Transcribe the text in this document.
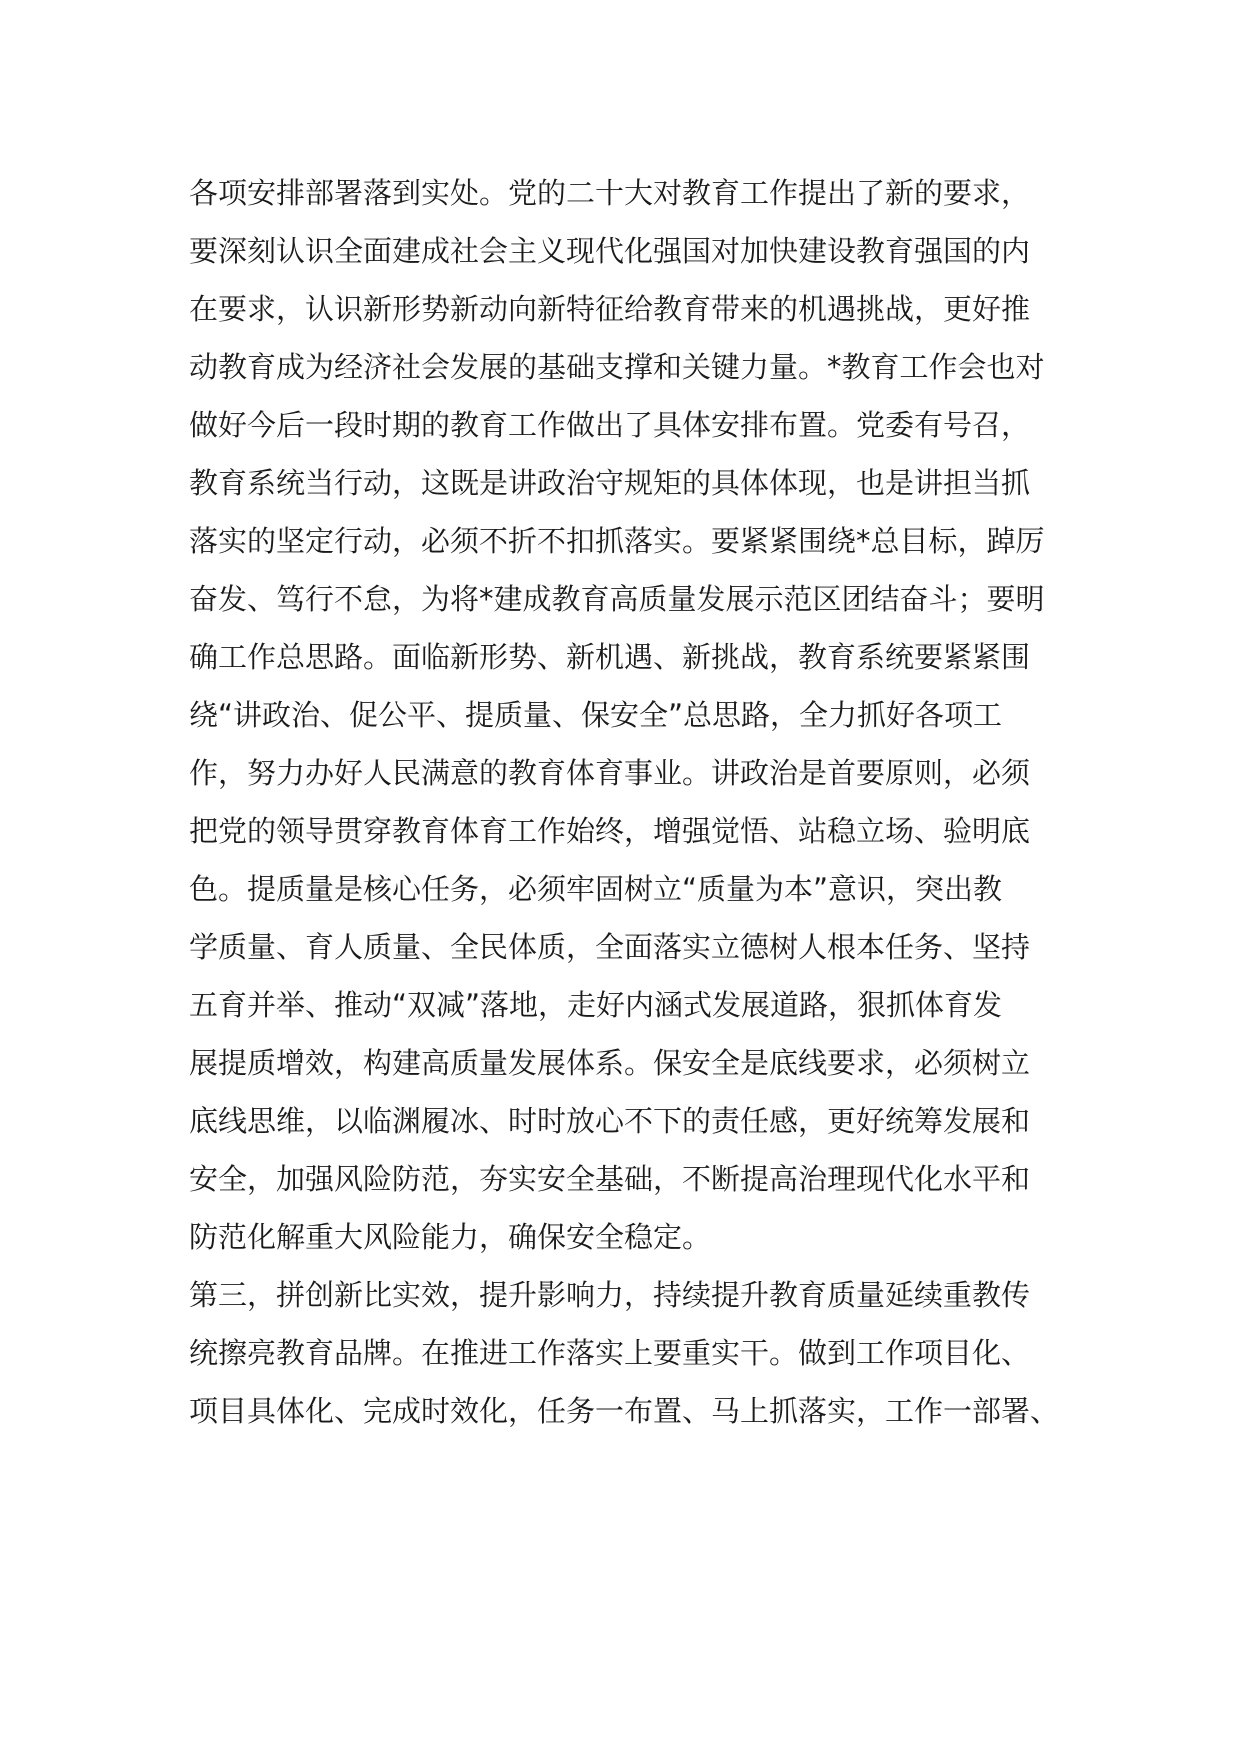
各项安排部署落到实处。党的二十大对教育工作提出了新的要求，

要深刻认识全面建成社会主义现代化强国对加快建设教育强国的内

在要求，认识新形势新动向新特征给教育带来的机遇挑战，更好推

动教育成为经济社会发展的基础支撑和关键力量。*教育工作会也对

做好今后一段时期的教育工作做出了具体安排布置。党委有号召，

教育系统当行动，这既是讲政治守规矩的具体体现，也是讲担当抓

落实的坚定行动，必须不折不扣抓落实。要紧紧围绕*总目标，踔厉

奋发、笃行不怠，为将*建成教育高质量发展示范区团结奋斗；要明

确工作总思路。面临新形势、新机遇、新挑战，教育系统要紧紧围

绕“讲政治、促公平、提质量、保安全”总思路，全力抓好各项工

作，努力办好人民满意的教育体育事业。讲政治是首要原则，必须

把党的领导贯穿教育体育工作始终，增强觉悟、站稳立场、验明底

色。提质量是核心任务，必须牢固树立“质量为本”意识，突出教

学质量、育人质量、全民体质，全面落实立德树人根本任务、坚持

五育并举、推动“双减”落地，走好内涵式发展道路，狠抓体育发

展提质增效，构建高质量发展体系。保安全是底线要求，必须树立

底线思维，以临渊履冰、时时放心不下的责任感，更好统筹发展和

安全，加强风险防范，夯实安全基础，不断提高治理现代化水平和

防范化解重大风险能力，确保安全稳定。

第三，拼创新比实效，提升影响力，持续提升教育质量延续重教传

统擦亮教育品牌。在推进工作落实上要重实干。做到工作项目化、

项目具体化、完成时效化，任务一布置、马上抓落实，工作一部署、
